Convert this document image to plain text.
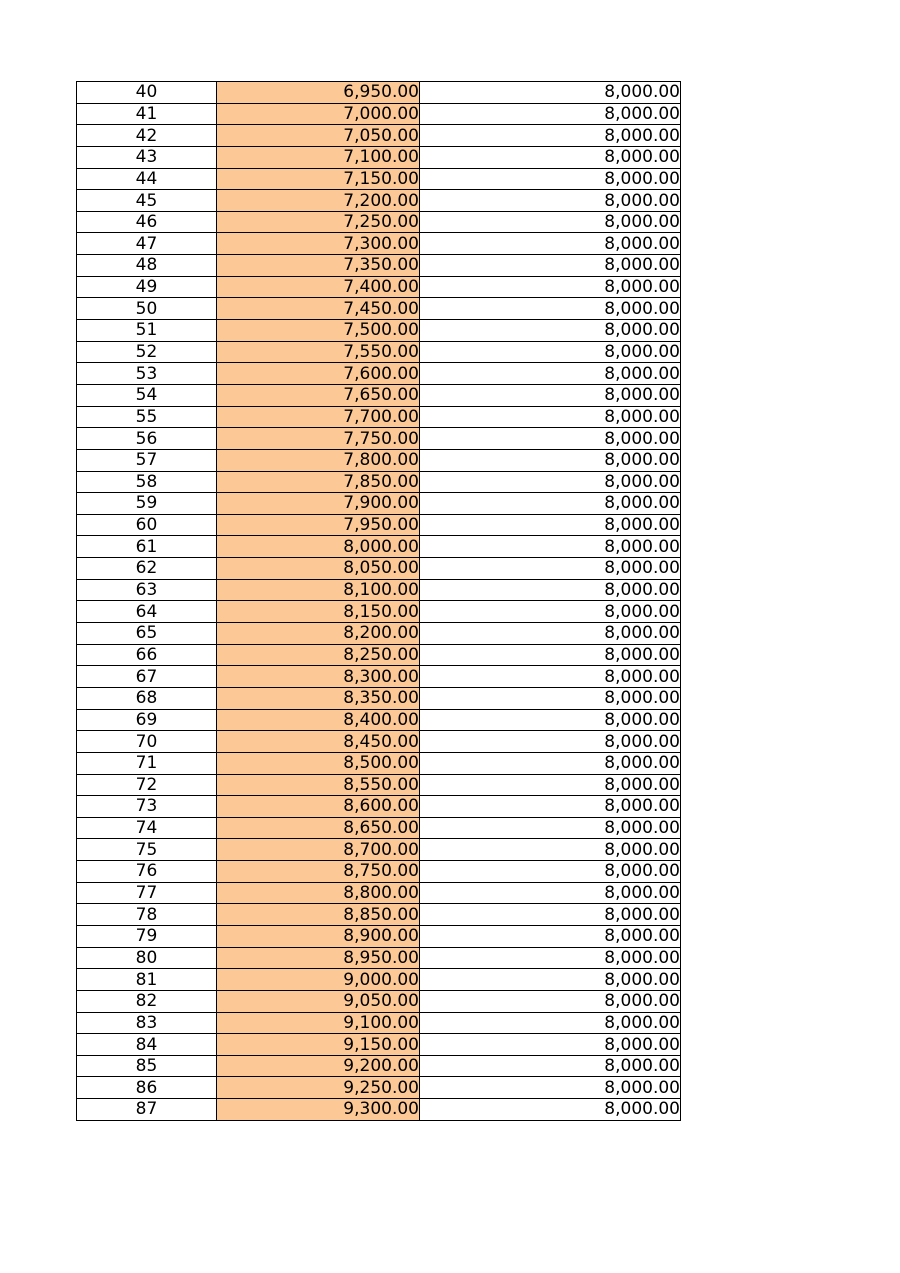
40	6,950.00	8,000.00
41	7,000.00	8,000.00
42	7,050.00	8,000.00
43	7,100.00	8,000.00
44	7,150.00	8,000.00
45	7,200.00	8,000.00
46	7,250.00	8,000.00
47	7,300.00	8,000.00
48	7,350.00	8,000.00
49	7,400.00	8,000.00
50	7,450.00	8,000.00
51	7,500.00	8,000.00
52	7,550.00	8,000.00
53	7,600.00	8,000.00
54	7,650.00	8,000.00
55	7,700.00	8,000.00
56	7,750.00	8,000.00
57	7,800.00	8,000.00
58	7,850.00	8,000.00
59	7,900.00	8,000.00
60	7,950.00	8,000.00
61	8,000.00	8,000.00
62	8,050.00	8,000.00
63	8,100.00	8,000.00
64	8,150.00	8,000.00
65	8,200.00	8,000.00
66	8,250.00	8,000.00
67	8,300.00	8,000.00
68	8,350.00	8,000.00
69	8,400.00	8,000.00
70	8,450.00	8,000.00
71	8,500.00	8,000.00
72	8,550.00	8,000.00
73	8,600.00	8,000.00
74	8,650.00	8,000.00
75	8,700.00	8,000.00
76	8,750.00	8,000.00
77	8,800.00	8,000.00
78	8,850.00	8,000.00
79	8,900.00	8,000.00
80	8,950.00	8,000.00
81	9,000.00	8,000.00
82	9,050.00	8,000.00
83	9,100.00	8,000.00
84	9,150.00	8,000.00
85	9,200.00	8,000.00
86	9,250.00	8,000.00
87	9,300.00	8,000.00
